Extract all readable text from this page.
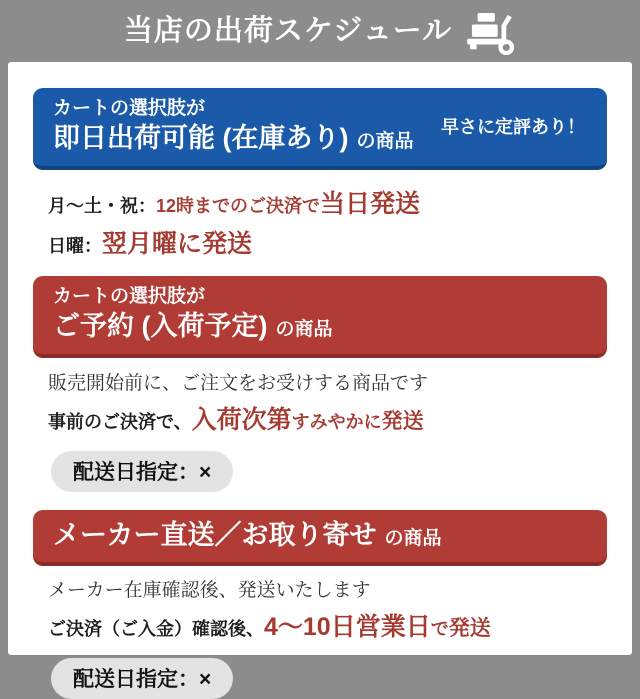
当店の出荷スケジュール
カートの選択肢が
即日出荷可能 (在庫あり) の商品
早さに定評あり！

月〜土・祝：12時までのご決済で当日発送

日曜：翌月曜に発送

カートの選択肢が
ご予約 (入荷予定) の商品

販売開始前に、ご注文をお受けする商品です

事前のご決済で、入荷次第すみやかに発送

配送日指定：×
メーカー直送／お取り寄せ の商品

メーカー在庫確認後、発送いたします

ご決済（ご入金）確認後、4〜10日営業日で発送

配送日指定：×
